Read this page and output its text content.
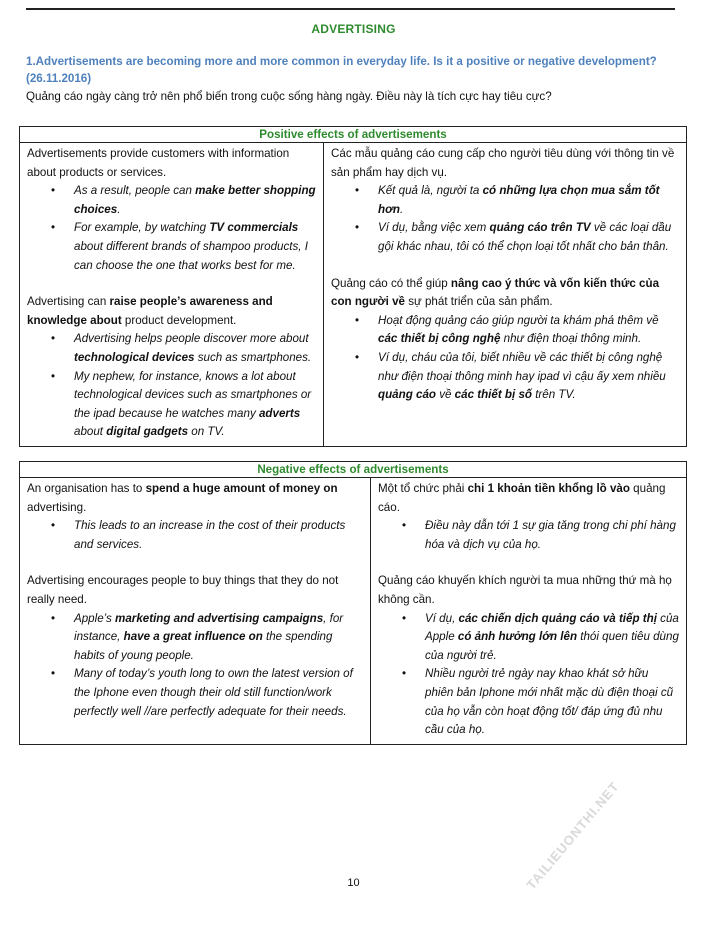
ADVERTISING
1.Advertisements are becoming more and more common in everyday life. Is it a positive or negative development? (26.11.2016)
Quảng cáo ngày càng trở nên phổ biến trong cuộc sống hàng ngày. Điều này là tích cực hay tiêu cực?
Positive effects of advertisements

Advertisements provide customers with information about products or services.
• As a result, people can make better shopping choices.
• For example, by watching TV commercials about different brands of shampoo products, I can choose the one that works best for me.
Advertising can raise people’s awareness and knowledge about product development.
• Advertising helps people discover more about technological devices such as smartphones.
• My nephew, for instance, knows a lot about technological devices such as smartphones or the ipad because he watches many adverts about digital gadgets on TV.

Các mẫu quảng cáo cung cấp cho người tiêu dùng với thông tin về sản phẩm hay dịch vụ.
• Kết quả là, người ta có những lựa chọn mua sắm tốt hơn.
• Ví dụ, bằng việc xem quảng cáo trên TV về các loại dầu gội khác nhau, tôi có thể chọn loại tốt nhất cho bản thân.
Quảng cáo có thể giúp nâng cao ý thức và vốn kiến thức của con người về sự phát triển của sản phẩm.
• Hoạt động quảng cáo giúp người ta khám phá thêm về các thiết bị công nghệ như điện thoại thông minh.
• Ví dụ, cháu của tôi, biết nhiều về các thiết bị công nghệ như điện thoại thông minh hay ipad vì cậu ấy xem nhiều quảng cáo về các thiết bị số trên TV.
Negative effects of advertisements

An organisation has to spend a huge amount of money on advertising.
• This leads to an increase in the cost of their products and services.
Advertising encourages people to buy things that they do not really need.
• Apple’s marketing and advertising campaigns, for instance, have a great influence on the spending habits of young people.
• Many of today’s youth long to own the latest version of the Iphone even though their old still function/work perfectly well //are perfectly adequate for their needs.

Một tổ chức phải chi 1 khoản tiền khổng lồ vào quảng cáo.
• Điều này dẫn tới 1 sự gia tăng trong chi phí hàng hóa và dịch vụ của họ.
Quảng cáo khuyến khích người ta mua những thứ mà họ không cần.
• Ví dụ, các chiến dịch quảng cáo và tiếp thị của Apple có ảnh hưởng lớn lên thói quen tiêu dùng của người trẻ.
• Nhiều người trẻ ngày nay khao khát sở hữu phiên bản Iphone mới nhất mặc dù điện thoại cũ của họ vẫn còn hoạt động tốt/ đáp ứng đủ nhu cầu của họ.
10	TAILIEUONTHI.NET
